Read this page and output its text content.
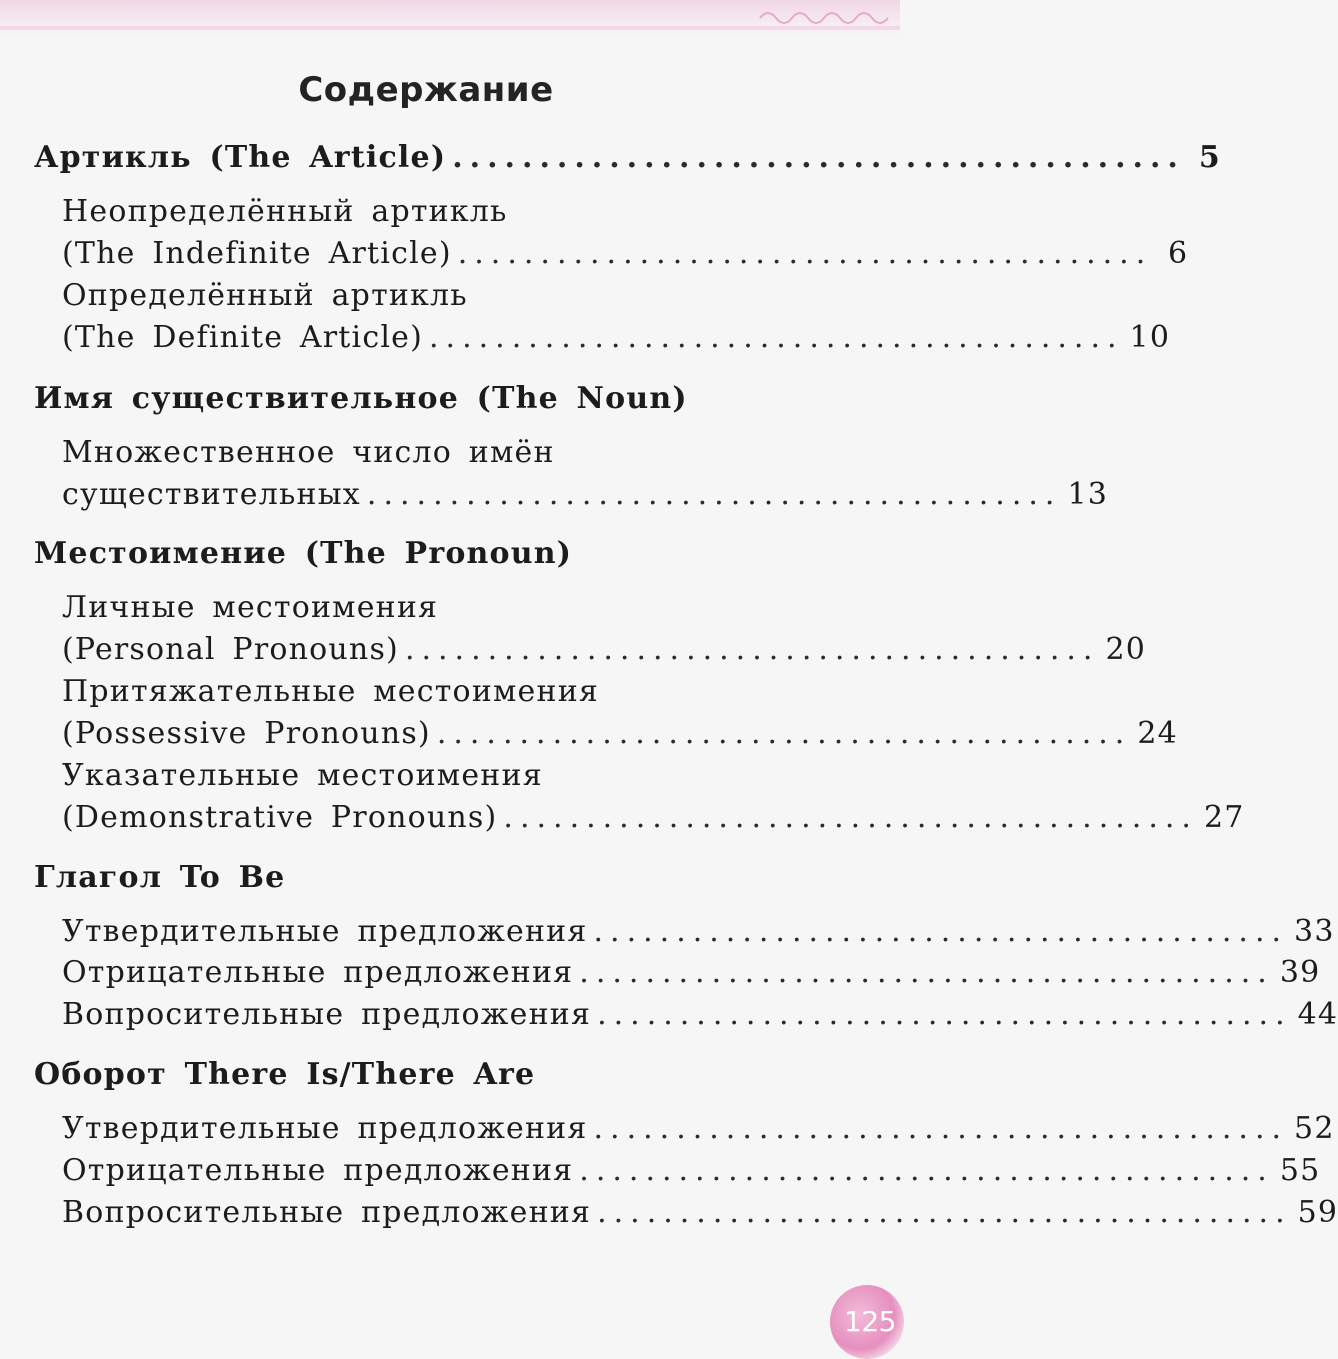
Содержание
Артикль (The Article) .......................................... 5
Неопределённый артикль
(The Indefinite Article) .......................................... 6
Определённый артикль
(The Definite Article) .......................................... 10
Имя существительное (The Noun)
Множественное число имён
существительных .......................................... 13
Местоимение (The Pronoun)
Личные местоимения
(Personal Pronouns) .......................................... 20
Притяжательные местоимения
(Possessive Pronouns) .......................................... 24
Указательные местоимения
(Demonstrative Pronouns) .......................................... 27
Глагол To Be
Утвердительные предложения .......................................... 33
Отрицательные предложения .......................................... 39
Вопросительные предложения .......................................... 44
Оборот There Is/There Are
Утвердительные предложения .......................................... 52
Отрицательные предложения .......................................... 55
Вопросительные предложения .......................................... 59
125
